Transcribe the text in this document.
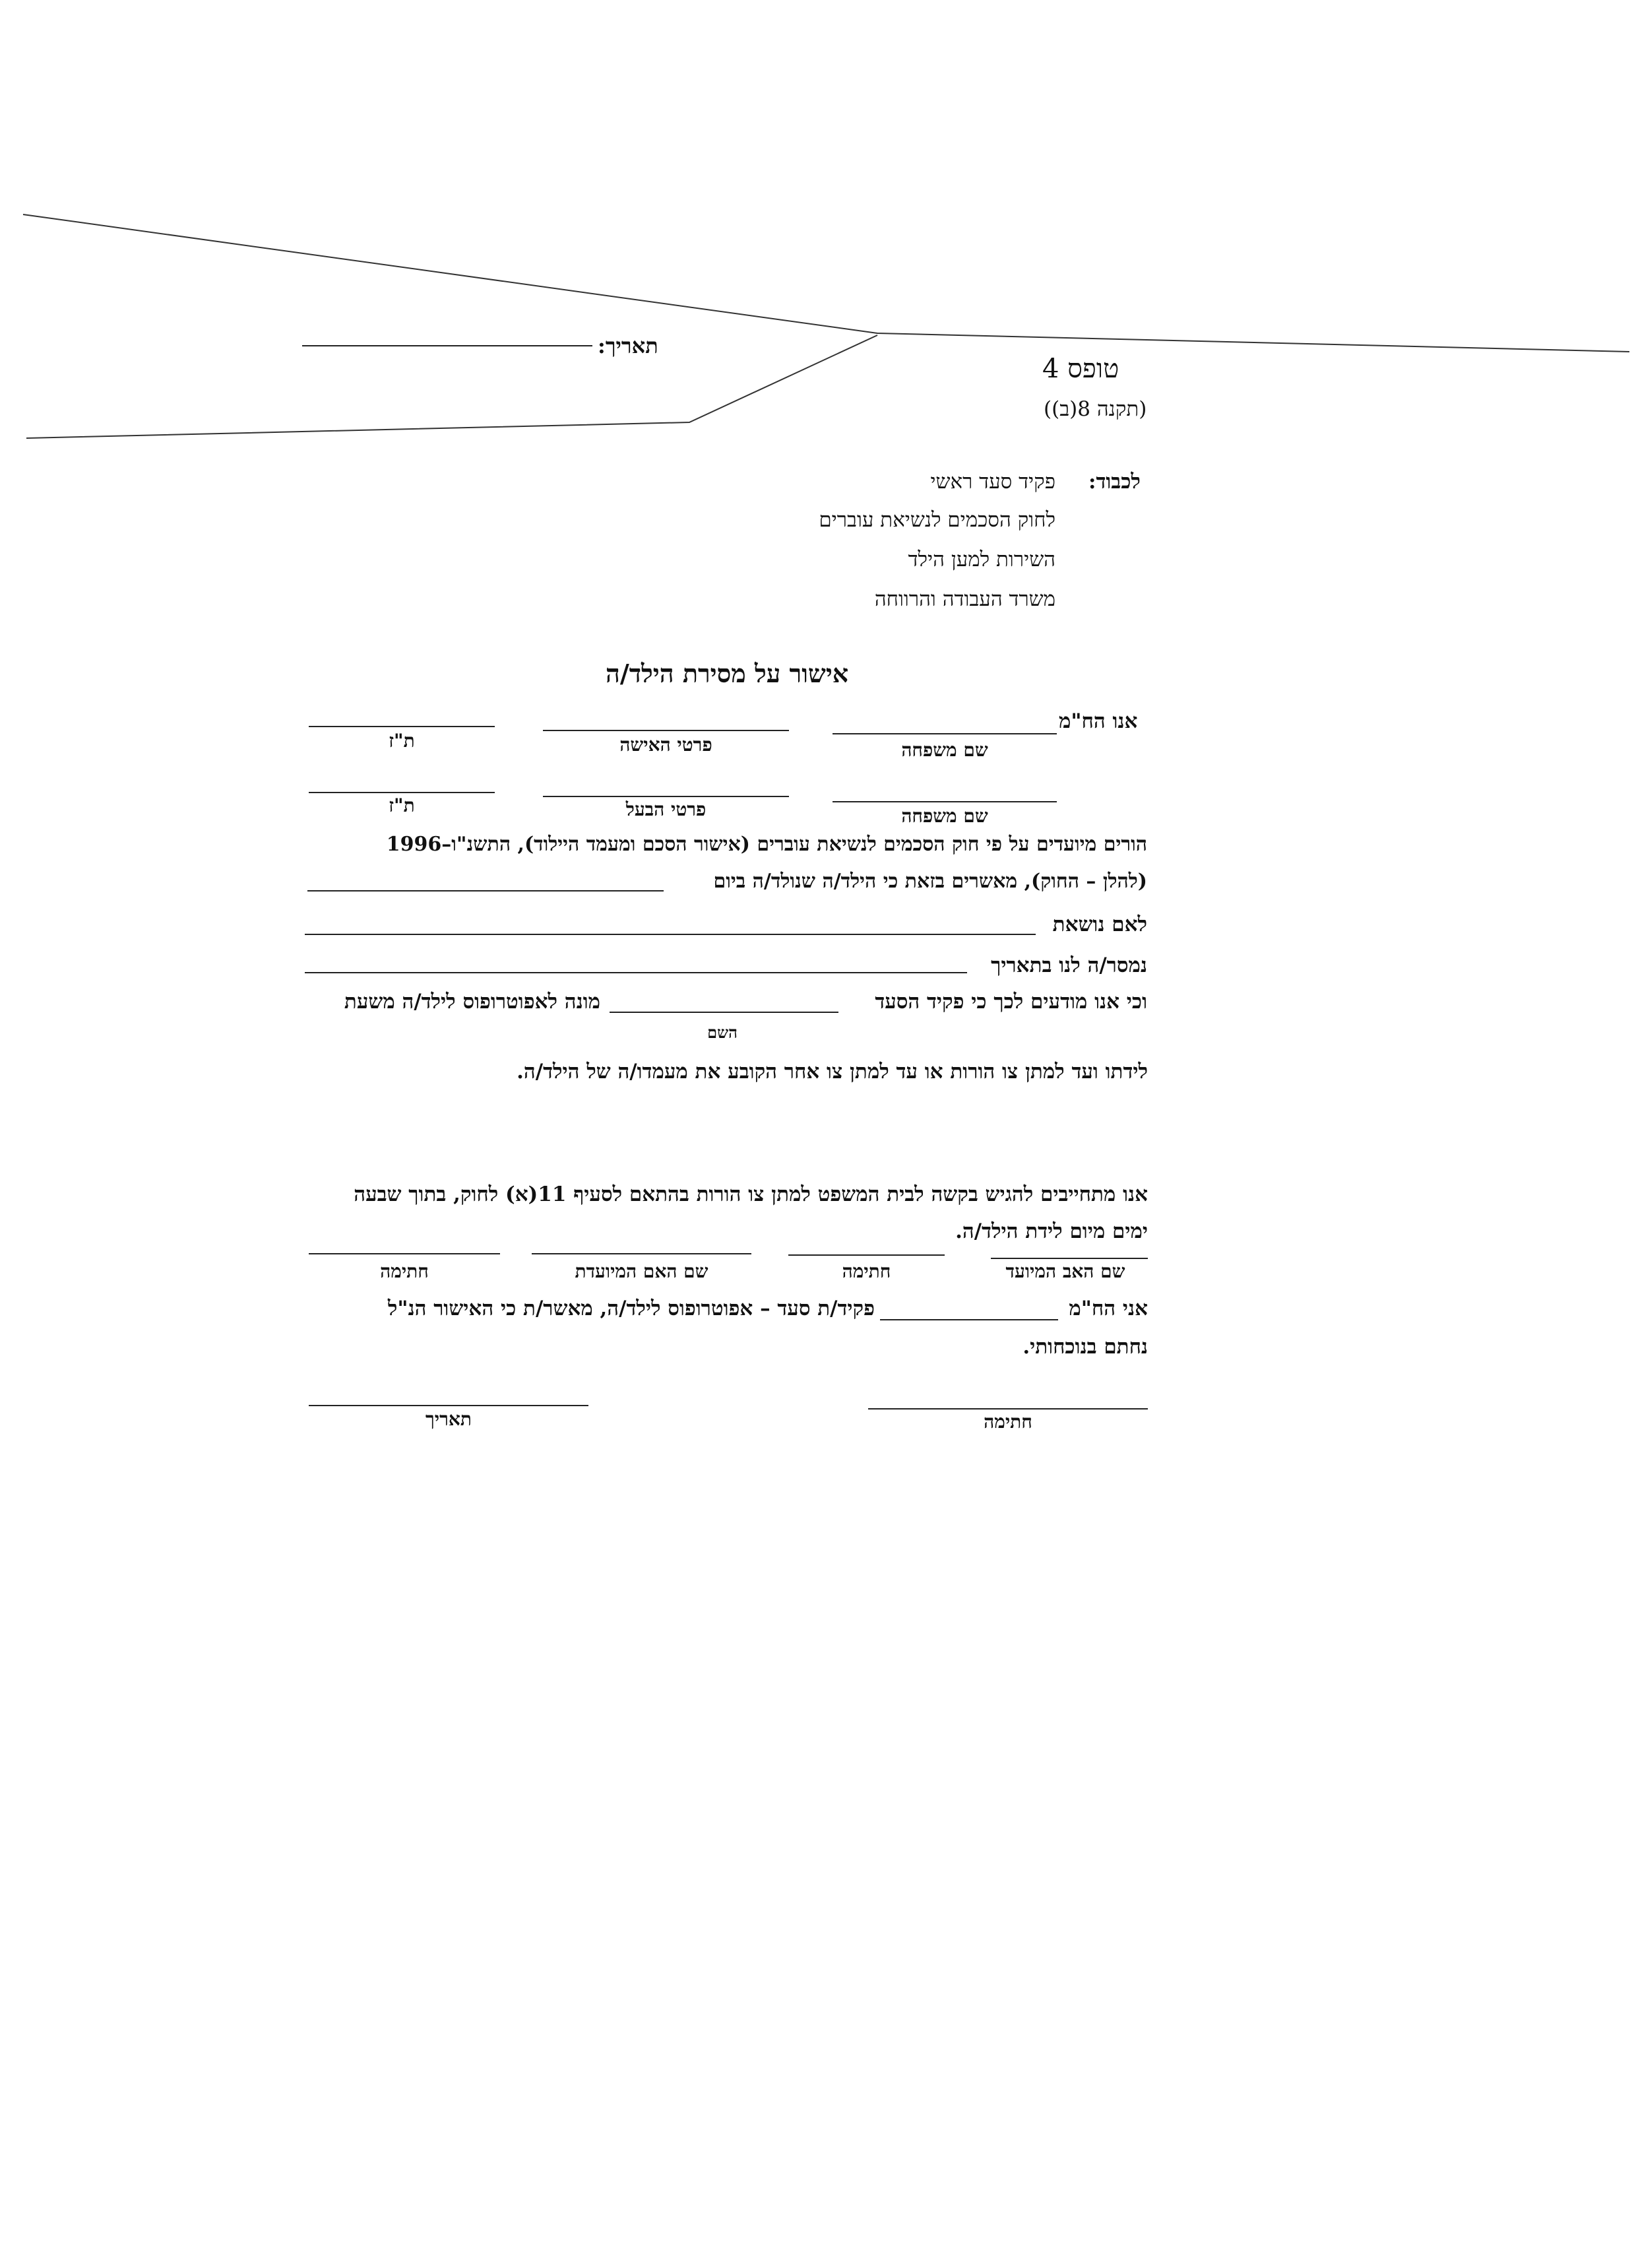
תאריך:
טופס 4
(תקנה 8(ב))
לכבוד:
פקיד סעד ראשי
לחוק הסכמים לנשיאת עוברים
השירות למען הילד
משרד העבודה והרווחה
אישור על מסירת הילד/ה
אנו הח"מ
שם משפחה
פרטי האישה
ת"ז
שם משפחה
פרטי הבעל
ת"ז
הורים מיועדים על פי חוק הסכמים לנשיאת עוברים (אישור הסכם ומעמד היילוד), התשנ"ו–1996
(להלן – החוק), מאשרים בזאת כי הילד/ה שנולד/ה ביום
לאם נושאת
נמסר/ה לנו בתאריך
וכי אנו מודעים לכך כי פקיד הסעד
השם
מונה לאפוטרופוס לילד/ה משעת
לידתו ועד למתן צו הורות או עד למתן צו אחר הקובע את מעמדו/ה של הילד/ה.
אנו מתחייבים להגיש בקשה לבית המשפט למתן צו הורות בהתאם לסעיף 11(א) לחוק, בתוך שבעה
ימים מיום לידת הילד/ה.
שם האב המיועד
חתימה
שם האם המיועדת
חתימה
אני הח"מ
פקיד/ת סעד – אפוטרופוס לילד/ה, מאשר/ת כי האישור הנ"ל
נחתם בנוכחותי.
חתימה
תאריך
